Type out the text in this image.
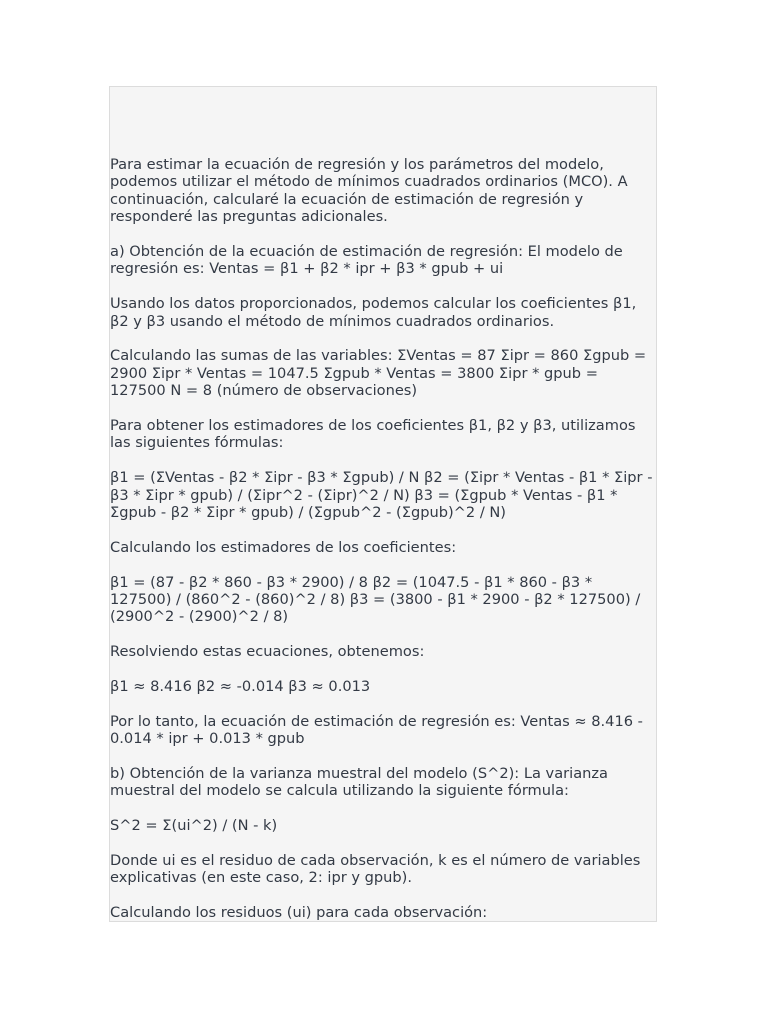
Para estimar la ecuación de regresión y los parámetros del modelo, podemos utilizar el método de mínimos cuadrados ordinarios (MCO). A continuación, calcularé la ecuación de estimación de regresión y responderé las preguntas adicionales.

a) Obtención de la ecuación de estimación de regresión: El modelo de regresión es: Ventas = β1 + β2 * ipr + β3 * gpub + ui

Usando los datos proporcionados, podemos calcular los coeficientes β1, β2 y β3 usando el método de mínimos cuadrados ordinarios.

Calculando las sumas de las variables: ΣVentas = 87 Σipr = 860 Σgpub = 2900 Σipr * Ventas = 1047.5 Σgpub * Ventas = 3800 Σipr * gpub = 127500 N = 8 (número de observaciones)

Para obtener los estimadores de los coeficientes β1, β2 y β3, utilizamos las siguientes fórmulas:

β1 = (ΣVentas - β2 * Σipr - β3 * Σgpub) / N β2 = (Σipr * Ventas - β1 * Σipr - β3 * Σipr * gpub) / (Σipr^2 - (Σipr)^2 / N) β3 = (Σgpub * Ventas - β1 * Σgpub - β2 * Σipr * gpub) / (Σgpub^2 - (Σgpub)^2 / N)

Calculando los estimadores de los coeficientes:

β1 = (87 - β2 * 860 - β3 * 2900) / 8 β2 = (1047.5 - β1 * 860 - β3 * 127500) / (860^2 - (860)^2 / 8) β3 = (3800 - β1 * 2900 - β2 * 127500) / (2900^2 - (2900)^2 / 8)

Resolviendo estas ecuaciones, obtenemos:

β1 ≈ 8.416 β2 ≈ -0.014 β3 ≈ 0.013

Por lo tanto, la ecuación de estimación de regresión es: Ventas ≈ 8.416 - 0.014 * ipr + 0.013 * gpub

b) Obtención de la varianza muestral del modelo (S^2): La varianza muestral del modelo se calcula utilizando la siguiente fórmula:

S^2 = Σ(ui^2) / (N - k)

Donde ui es el residuo de cada observación, k es el número de variables explicativas (en este caso, 2: ipr y gpub).

Calculando los residuos (ui) para cada observación:
